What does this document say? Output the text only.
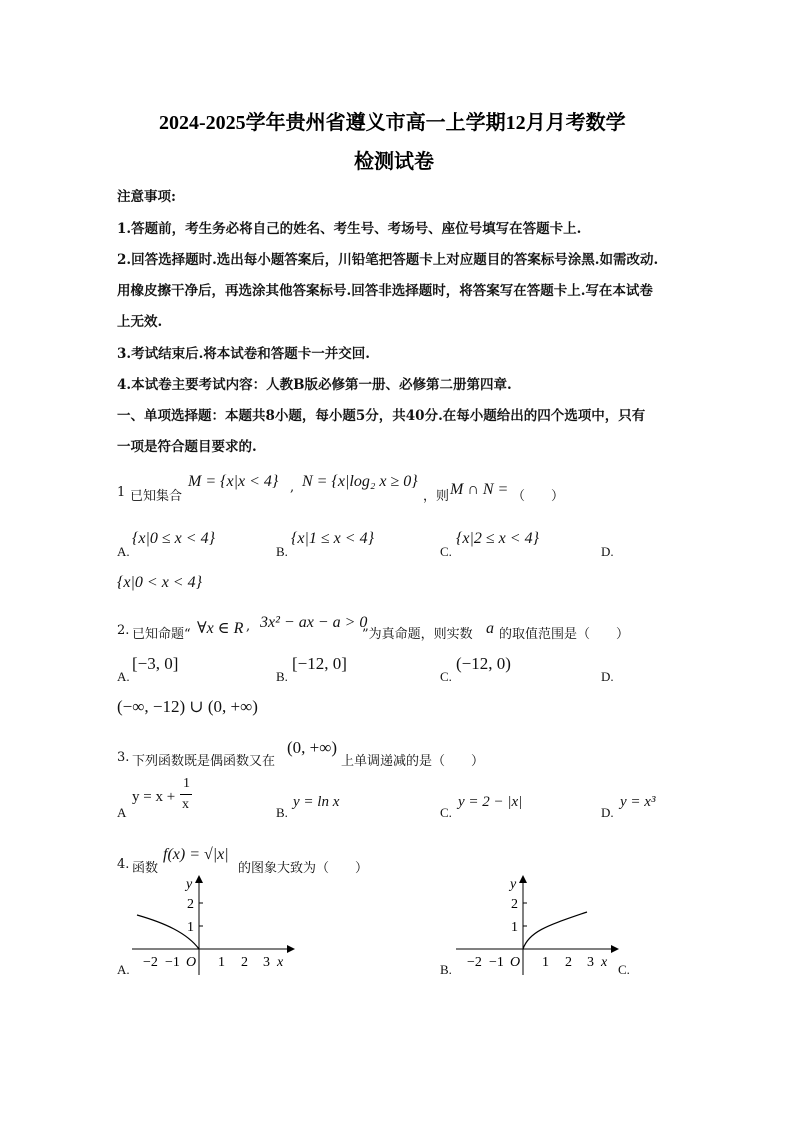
2024-2025学年贵州省遵义市高一上学期12月月考数学
检测试卷
注意事项:
1.答题前，考生务必将自己的姓名、考生号、考场号、座位号填写在答题卡上.
2.回答选择题时.选出每小题答案后，川铅笔把答题卡上对应题目的答案标号涂黑.如需改动.
用橡皮擦干净后，再选涂其他答案标号.回答非选择题时，将答案写在答题卡上.写在本试卷
上无效.
3.考试结束后.将本试卷和答题卡一并交回.
4.本试卷主要考试内容：人教B版必修第一册、必修第二册第四章.
一、单项选择题：本题共8小题，每小题5分，共40分.在每小题给出的四个选项中，只有
一项是符合题目要求的.
1 已知集合
M = {x|x < 4} , N = {x|log₂ x ≥ 0}
，则 M ∩ N = （　　）
A.
{x|0 ≤ x < 4}
B.
{x|1 ≤ x < 4}
C.
{x|2 ≤ x < 4}
D.
{x|0 < x < 4}
2. 已知命题“ ∀x ∈ R , 3x² − ax − a > 0
”为真命题，则实数 a 的取值范围是（　　）
A.
[−3, 0]
B.
[−12, 0]
C.
(−12, 0)
D.
(−∞, −12) ∪ (0, +∞)
3. 下列函数既是偶函数又在
(0, +∞)
上单调递减的是（　　）
A
y = x +
1
x
B.
y = ln x
C.
y = 2 − |x|
D.
y = x³
4. 函数
f(x) = √|x|
的图象大致为（　　）
y
2
1
−2 −1 O 1 2 3 x
A.
y
2
1
−2 −1 O 1 2 3 x
B.	C.
